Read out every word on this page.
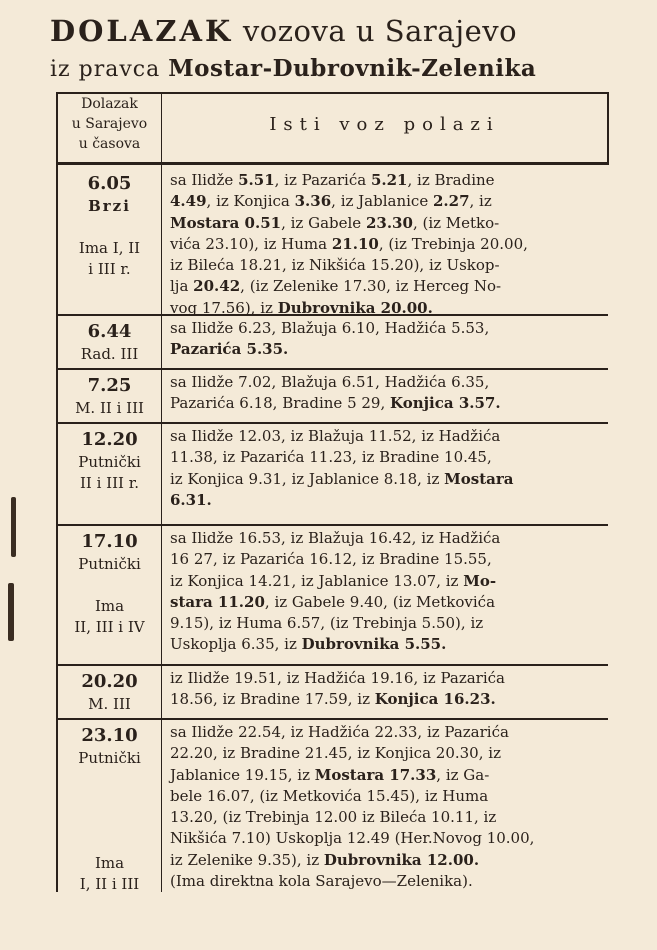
DOLAZAK vozova u Sarajevo
iz pravca Mostar-Dubrovnik-Zelenika
Dolazak
u Sarajevo
u časova
Isti voz polazi
6.05
Brzi

Ima I, II
i III r.
sa Ilidže 5.51, iz Pazarića 5.21, iz Bradine
4.49, iz Konjica 3.36, iz Jablanice 2.27, iz
Mostara 0.51, iz Gabele 23.30, (iz Metko-
vića 23.10), iz Huma 21.10, (iz Trebinja 20.00,
iz Bileća 18.21, iz Nikšića 15.20), iz Uskop-
lja 20.42, (iz Zelenike 17.30, iz Herceg No-
vog 17.56), iz Dubrovnika 20.00.
6.44
Rad. III
sa Ilidže 6.23, Blažuja 6.10, Hadžića 5.53,
Pazarića 5.35.
7.25
M. II i III
sa Ilidže 7.02, Blažuja 6.51, Hadžića 6.35,
Pazarića 6.18, Bradine 5 29, Konjica 3.57.
12.20
Putnički
II i III r.
sa Ilidže 12.03, iz Blažuja 11.52, iz Hadžića
11.38, iz Pazarića 11.23, iz Bradine 10.45,
iz Konjica 9.31, iz Jablanice 8.18, iz Mostara
6.31.
17.10
Putnički

Ima
II, III i IV
sa Ilidže 16.53, iz Blažuja 16.42, iz Hadžića
16 27, iz Pazarića 16.12, iz Bradine 15.55,
iz Konjica 14.21, iz Jablanice 13.07, iz Mo-
stara 11.20, iz Gabele 9.40, (iz Metkovića
9.15), iz Huma 6.57, (iz Trebinja 5.50), iz
Uskoplja 6.35, iz Dubrovnika 5.55.
20.20
M. III
iz Ilidže 19.51, iz Hadžića 19.16, iz Pazarića
18.56, iz Bradine 17.59, iz Konjica 16.23.
23.10
Putnički

Ima
I, II i III
sa Ilidže 22.54, iz Hadžića 22.33, iz Pazarića
22.20, iz Bradine 21.45, iz Konjica 20.30, iz
Jablanice 19.15, iz Mostara 17.33, iz Ga-
bele 16.07, (iz Metkovića 15.45), iz Huma
13.20, (iz Trebinja 12.00 iz Bileća 10.11, iz
Nikšića 7.10) Uskoplja 12.49 (Her.Novog 10.00,
iz Zelenike 9.35), iz Dubrovnika 12.00.
(Ima direktna kola Sarajevo—Zelenika).
